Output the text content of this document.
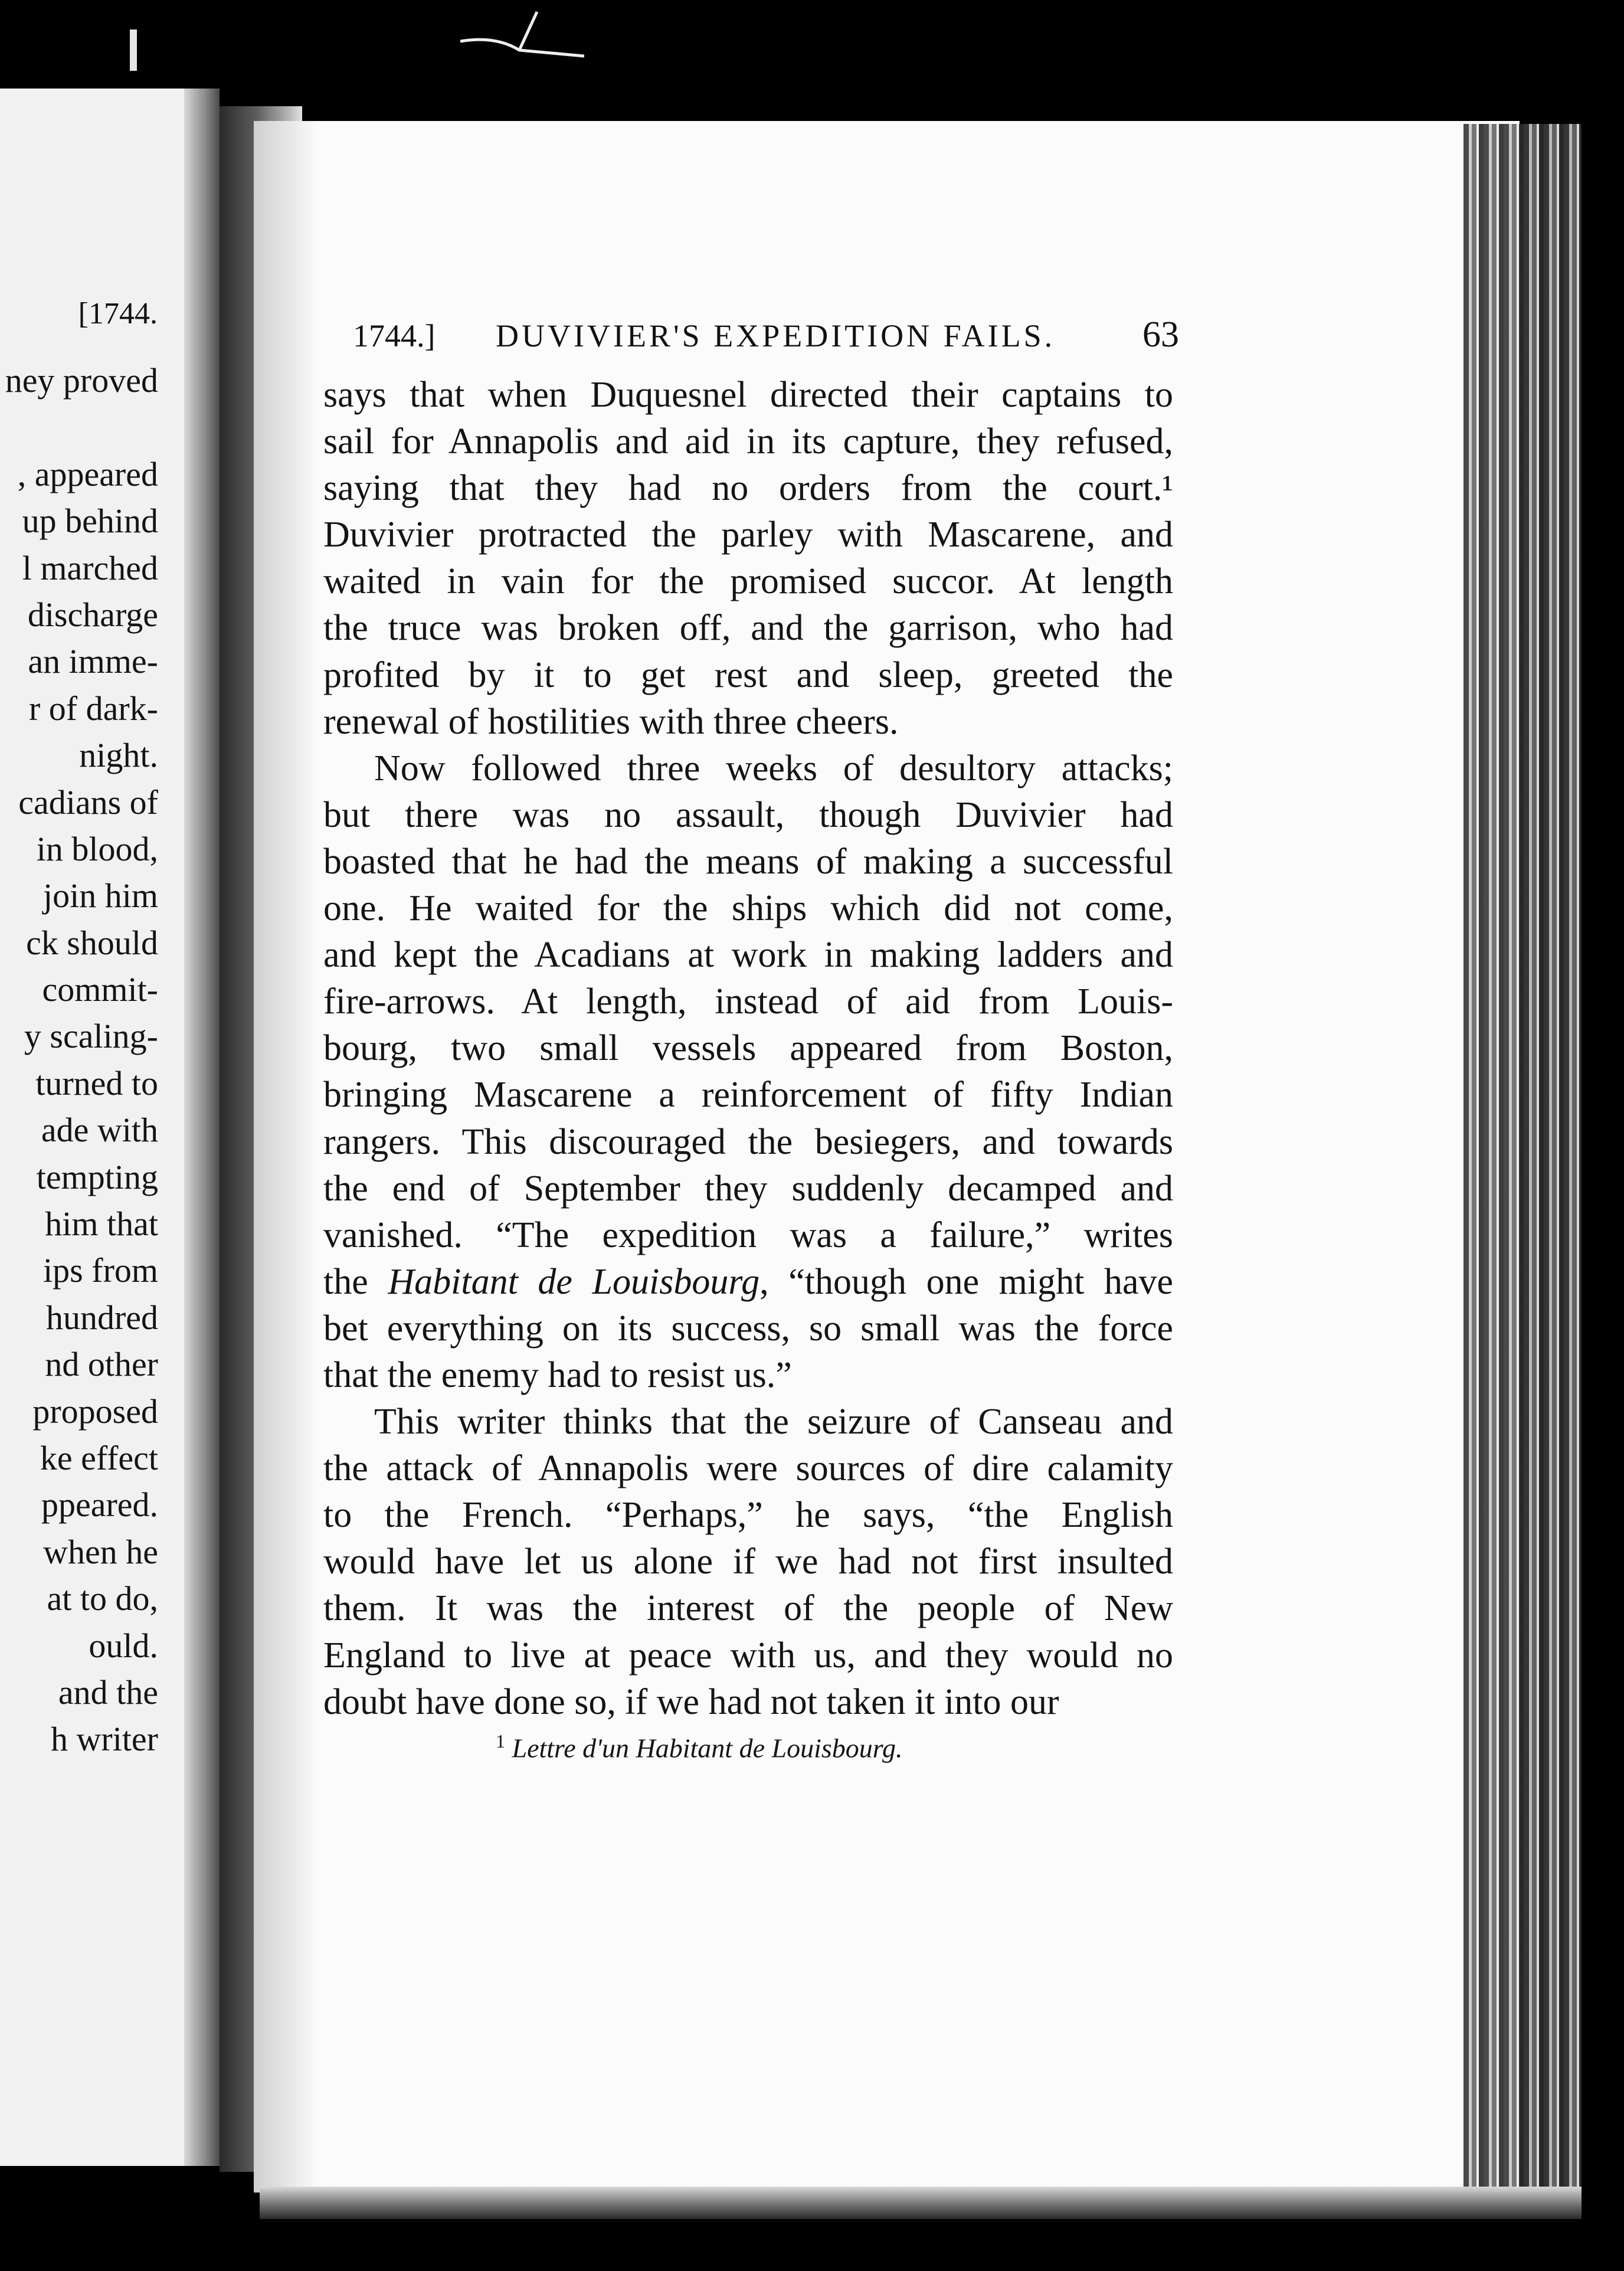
[1744.
ney proved

, appeared
up behind
l marched
discharge
an imme-
r of dark-
night.
cadians of
in blood,
join him
ck should
commit-
y scaling-
turned to
ade with
tempting
him that
ips from
hundred
nd other
proposed
ke effect
ppeared.
when he
at to do,
ould.
and the
h writer
1744.] DUVIVIER'S EXPEDITION FAILS. 63
says that when Duquesnel directed their captains to
sail for Annapolis and aid in its capture, they refused,
saying that they had no orders from the court.¹
Duvivier protracted the parley with Mascarene, and
waited in vain for the promised succor. At length
the truce was broken off, and the garrison, who had
profited by it to get rest and sleep, greeted the
renewal of hostilities with three cheers.
Now followed three weeks of desultory attacks;
but there was no assault, though Duvivier had
boasted that he had the means of making a successful
one. He waited for the ships which did not come,
and kept the Acadians at work in making ladders and
fire-arrows. At length, instead of aid from Louis-
bourg, two small vessels appeared from Boston,
bringing Mascarene a reinforcement of fifty Indian
rangers. This discouraged the besiegers, and towards
the end of September they suddenly decamped and
vanished. “The expedition was a failure,” writes
the Habitant de Louisbourg, “though one might have
bet everything on its success, so small was the force
that the enemy had to resist us.”
This writer thinks that the seizure of Canseau and
the attack of Annapolis were sources of dire calamity
to the French. “Perhaps,” he says, “the English
would have let us alone if we had not first insulted
them. It was the interest of the people of New
England to live at peace with us, and they would no
doubt have done so, if we had not taken it into our
$^1$ Lettre d'un Habitant de Louisbourg.
